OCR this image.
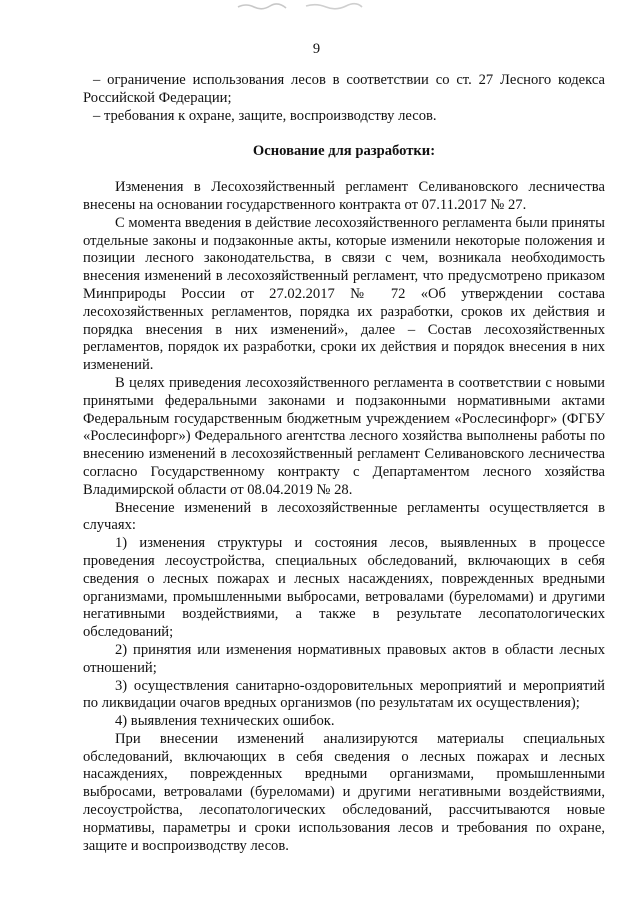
9

– ограничение использования лесов в соответствии со ст. 27 Лесного кодекса Российской Федерации;

– требования к охране, защите, воспроизводству лесов.

Основание для разработки:

Изменения в Лесохозяйственный регламент Селивановского лесничества внесены на основании государственного контракта от 07.11.2017 № 27.

С момента введения в действие лесохозяйственного регламента были приняты отдельные законы и подзаконные акты, которые изменили некоторые положения и позиции лесного законодательства, в связи с чем, возникала необходимость внесения изменений в лесохозяйственный регламент, что предусмотрено приказом Минприроды России от 27.02.2017 № 72 «Об утверждении состава лесохозяйственных регламентов, порядка их разработки, сроков их действия и порядка внесения в них изменений», далее – Состав лесохозяйственных регламентов, порядок их разработки, сроки их действия и порядок внесения в них изменений.

В целях приведения лесохозяйственного регламента в соответствии с новыми принятыми федеральными законами и подзаконными нормативными актами Федеральным государственным бюджетным учреждением «Рослесинфорг» (ФГБУ «Рослесинфорг») Федерального агентства лесного хозяйства выполнены работы по внесению изменений в лесохозяйственный регламент Селивановского лесничества согласно Государственному контракту с Департаментом лесного хозяйства Владимирской области от 08.04.2019 № 28.

Внесение изменений в лесохозяйственные регламенты осуществляется в случаях:

1) изменения структуры и состояния лесов, выявленных в процессе проведения лесоустройства, специальных обследований, включающих в себя сведения о лесных пожарах и лесных насаждениях, поврежденных вредными организмами, промышленными выбросами, ветровалами (буреломами) и другими негативными воздействиями, а также в результате лесопатологических обследований;

2) принятия или изменения нормативных правовых актов в области лесных отношений;

3) осуществления санитарно-оздоровительных мероприятий и мероприятий по ликвидации очагов вредных организмов (по результатам их осуществления);

4) выявления технических ошибок.

При внесении изменений анализируются материалы специальных обследований, включающих в себя сведения о лесных пожарах и лесных насаждениях, поврежденных вредными организмами, промышленными выбросами, ветровалами (буреломами) и другими негативными воздействиями, лесоустройства, лесопатологических обследований, рассчитываются новые нормативы, параметры и сроки использования лесов и требования по охране, защите и воспроизводству лесов.
